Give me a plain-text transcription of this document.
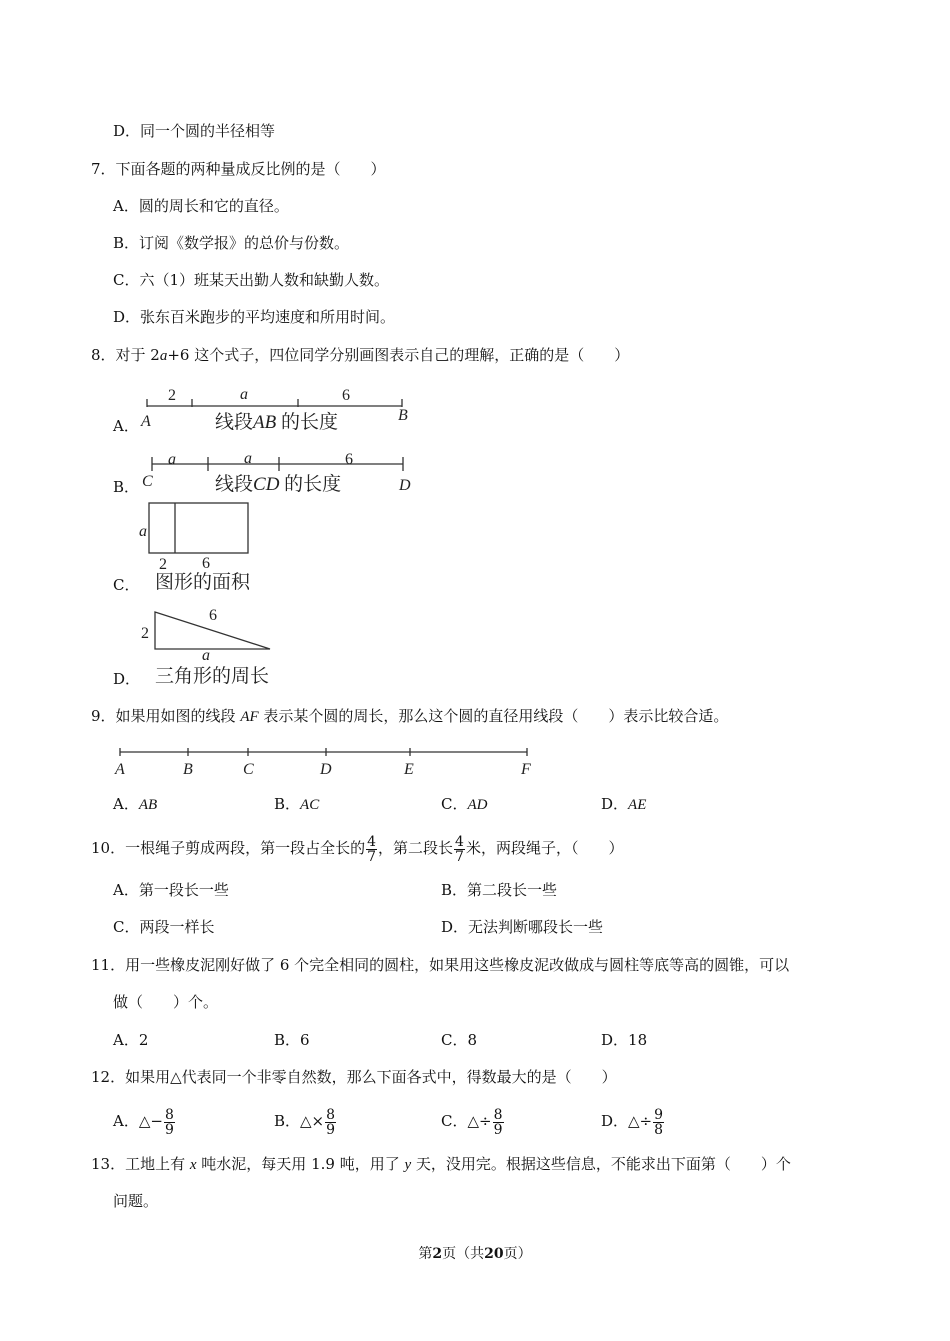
D．同一个圆的半径相等
7．下面各题的两种量成反比例的是（　　）
A．圆的周长和它的直径。
B．订阅《数学报》的总价与份数。
C．六（1）班某天出勤人数和缺勤人数。
D．张东百米跑步的平均速度和所用时间。
8．对于 2a+6 这个式子，四位同学分别画图表示自己的理解，正确的是（　　）
A．
2	a	6
A	B
线段AB 的长度
B．
a	a	6
C	D
线段CD 的长度
C．
a
2 6
图形的面积
D．
2
6
a
三角形的周长
9．如果用如图的线段 AF 表示某个圆的周长，那么这个圆的直径用线段（　　）表示比较合适。
A	B	C	D	E	F
A．AB	B．AC	C．AD	D．AE
10．一根绳子剪成两段，第一段占全长的 $\frac{4}{7}$ ，第二段长 $\frac{4}{7}$ 米，两段绳子，（　　）
A．第一段长一些	B．第二段长一些
C．两段一样长	D．无法判断哪段长一些
11．用一些橡皮泥刚好做了 6 个完全相同的圆柱，如果用这些橡皮泥改做成与圆柱等底等高的圆锥，可以
做（　　）个。
A．2	B．6	C．8	D．18
12．如果用△代表同一个非零自然数，那么下面各式中，得数最大的是（　　）
A．△− $\frac{8}{9}$	B．△× $\frac{8}{9}$	C．△÷ $\frac{8}{9}$	D．△÷ $\frac{9}{8}$
13．工地上有 x 吨水泥，每天用 1.9 吨，用了 y 天，没用完。根据这些信息，不能求出下面第（　　）个
问题。
第2页（共20页）
